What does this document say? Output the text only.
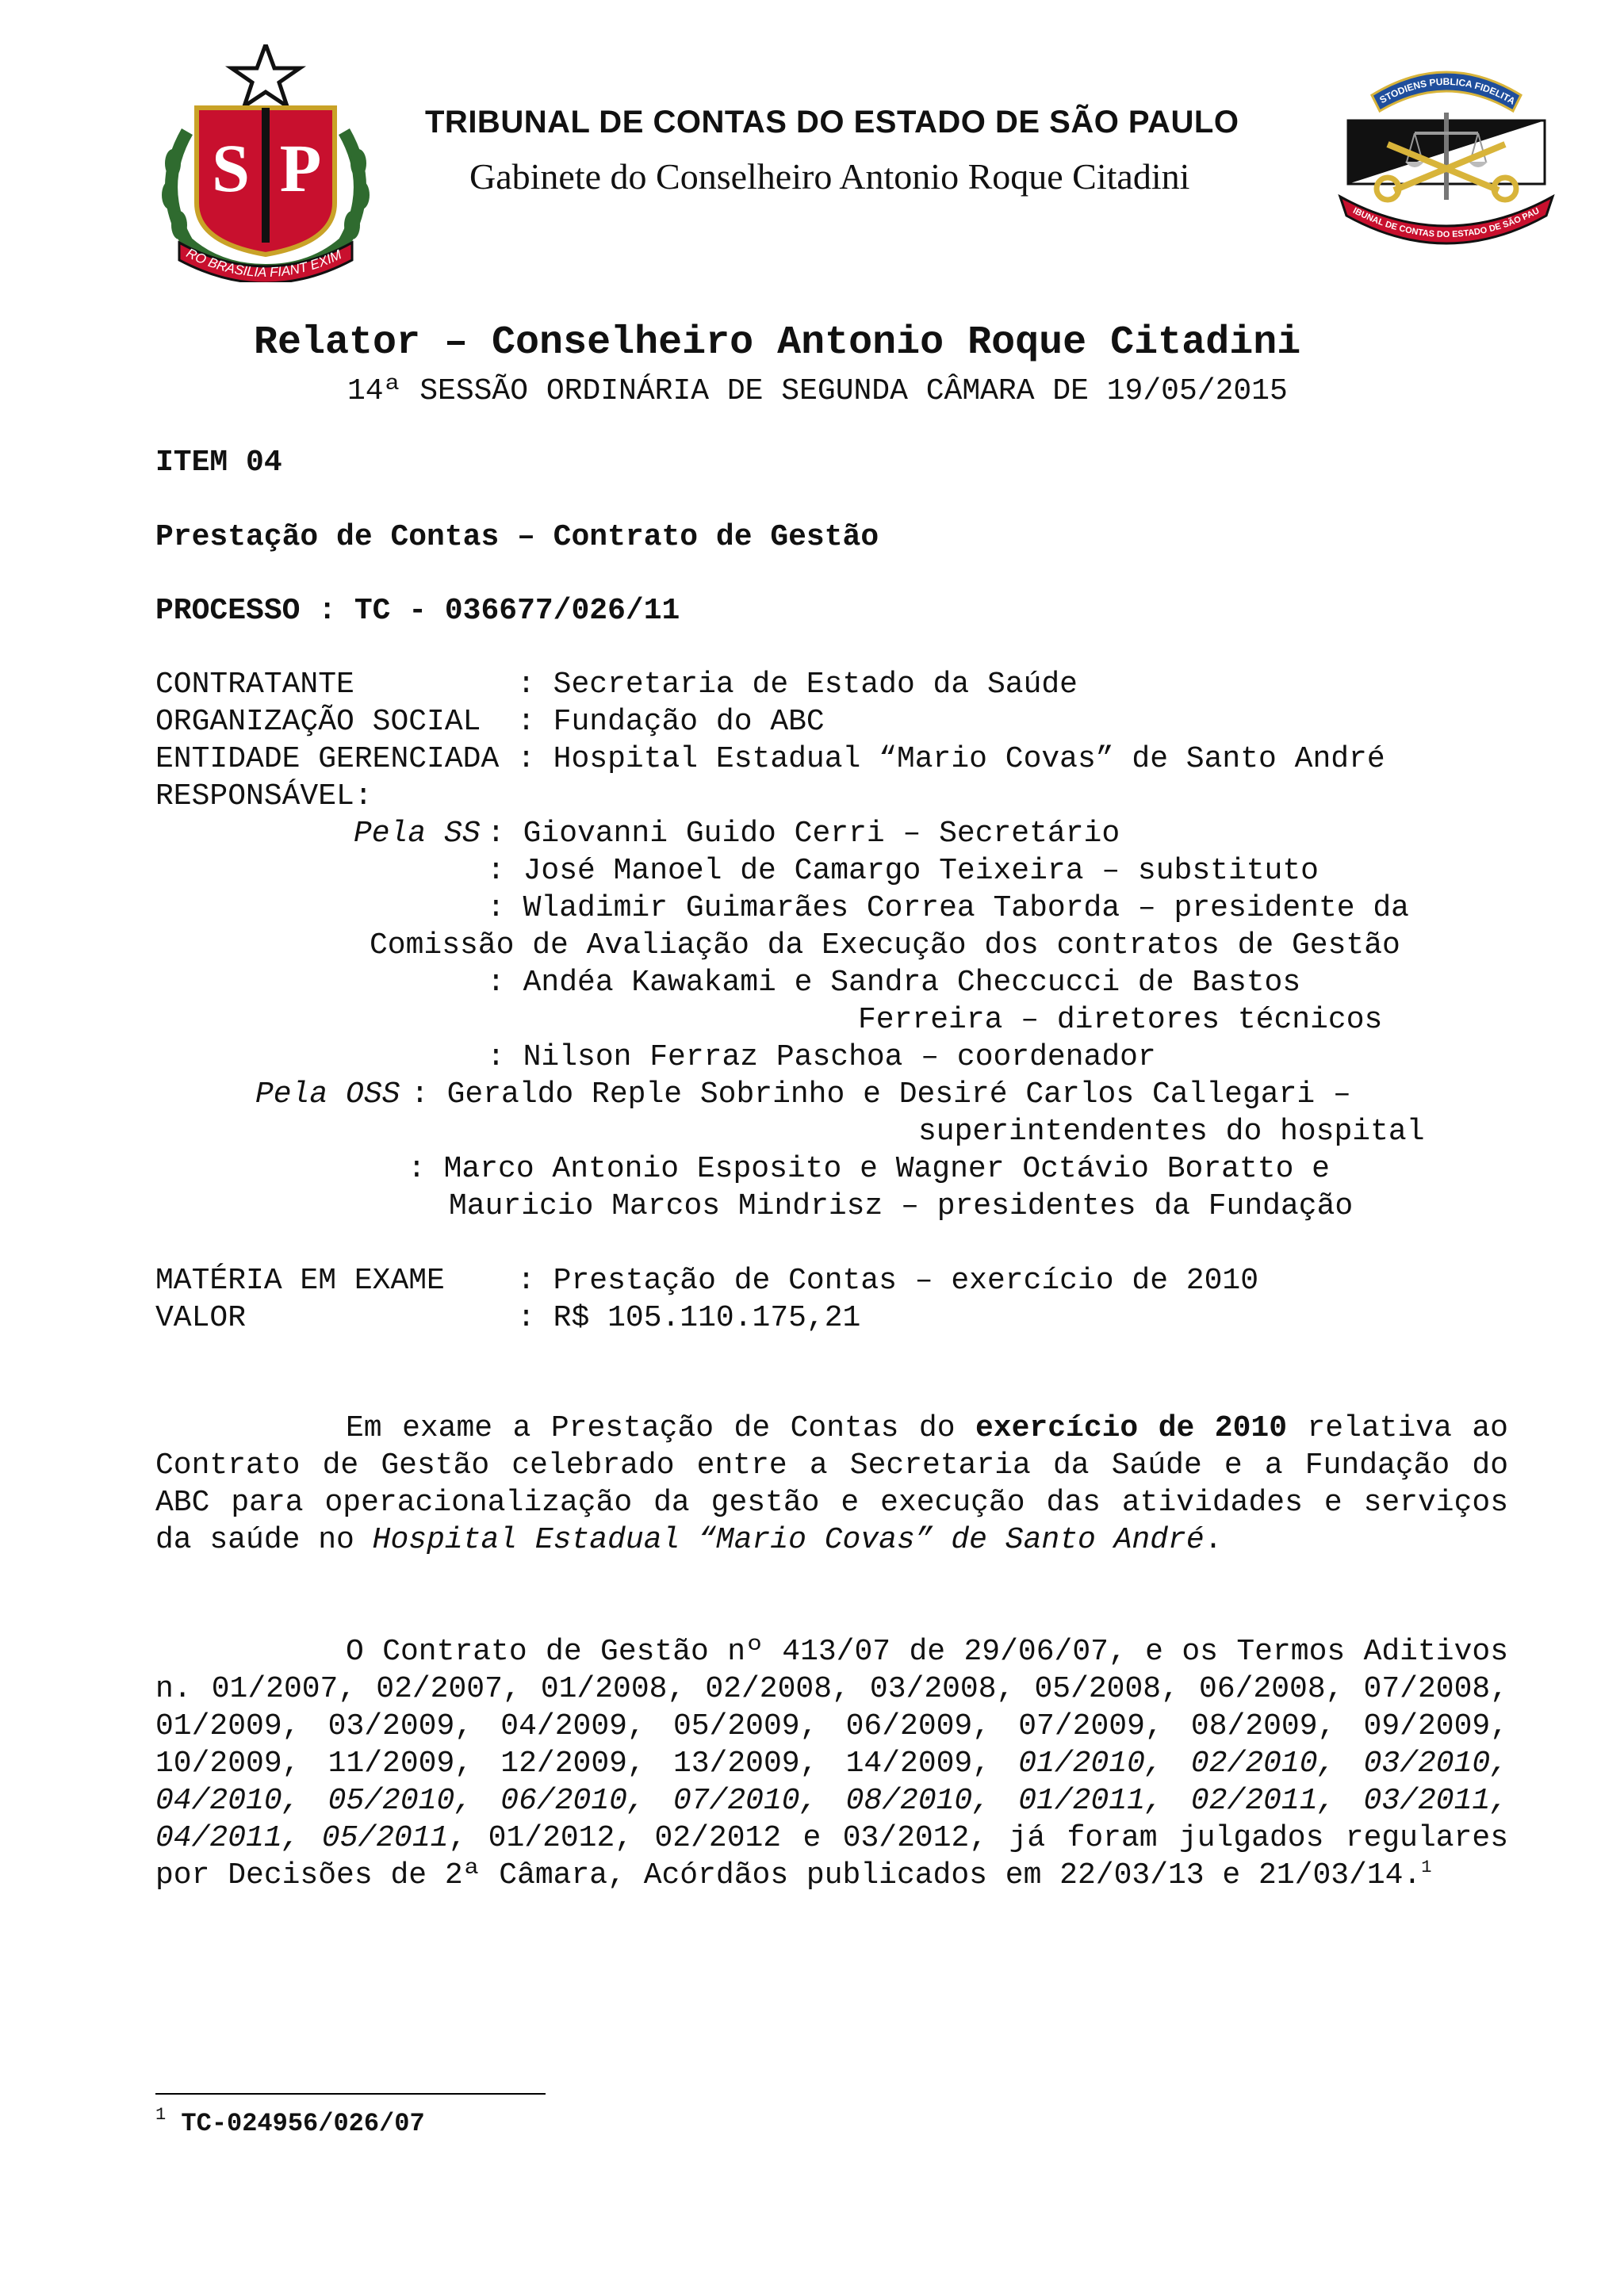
S P
RO BRASILIA FIANT EXIM
STODIENS PUBLICA FIDELITA
IBUNAL DE CONTAS DO ESTADO DE SÃO PAU
TRIBUNAL DE CONTAS DO ESTADO DE SÃO PAULO
Gabinete do Conselheiro Antonio Roque Citadini
Relator – Conselheiro Antonio Roque Citadini
14ª SESSÃO ORDINÁRIA DE SEGUNDA CÂMARA DE 19/05/2015
ITEM 04
Prestação de Contas – Contrato de Gestão
PROCESSO : TC - 036677/026/11
CONTRATANTE         : Secretaria de Estado da Saúde
ORGANIZAÇÃO SOCIAL  : Fundação do ABC
ENTIDADE GERENCIADA : Hospital Estadual “Mario Covas” de Santo André
RESPONSÁVEL:
Pela SS : Giovanni Guido Cerri – Secretário
: José Manoel de Camargo Teixeira – substituto
: Wladimir Guimarães Correa Taborda – presidente da
Comissão de Avaliação da Execução dos contratos de Gestão
: Andéa Kawakami e Sandra Checcucci de Bastos
Ferreira – diretores técnicos
: Nilson Ferraz Paschoa – coordenador
Pela OSS : Geraldo Reple Sobrinho e Desiré Carlos Callegari –
superintendentes do hospital
: Marco Antonio Esposito e Wagner Octávio Boratto e
Mauricio Marcos Mindrisz – presidentes da Fundação
MATÉRIA EM EXAME    : Prestação de Contas – exercício de 2010
VALOR               : R$ 105.110.175,21
Em exame a Prestação de Contas do exercício de 2010 relativa ao Contrato de Gestão celebrado entre a Secretaria da Saúde e a Fundação do ABC para operacionalização da gestão e execução das atividades e serviços da saúde no Hospital Estadual “Mario Covas” de Santo André.
O Contrato de Gestão nº 413/07 de 29/06/07, e os Termos Aditivos n. 01/2007, 02/2007, 01/2008, 02/2008, 03/2008, 05/2008, 06/2008, 07/2008, 01/2009, 03/2009, 04/2009, 05/2009, 06/2009, 07/2009, 08/2009, 09/2009, 10/2009, 11/2009, 12/2009, 13/2009, 14/2009, 01/2010, 02/2010, 03/2010, 04/2010, 05/2010, 06/2010, 07/2010, 08/2010, 01/2011, 02/2011, 03/2011, 04/2011, 05/2011, 01/2012, 02/2012 e 03/2012, já foram julgados regulares por Decisões de 2ª Câmara, Acórdãos publicados em 22/03/13 e 21/03/14.$^1$
$^1$ TC-024956/026/07
